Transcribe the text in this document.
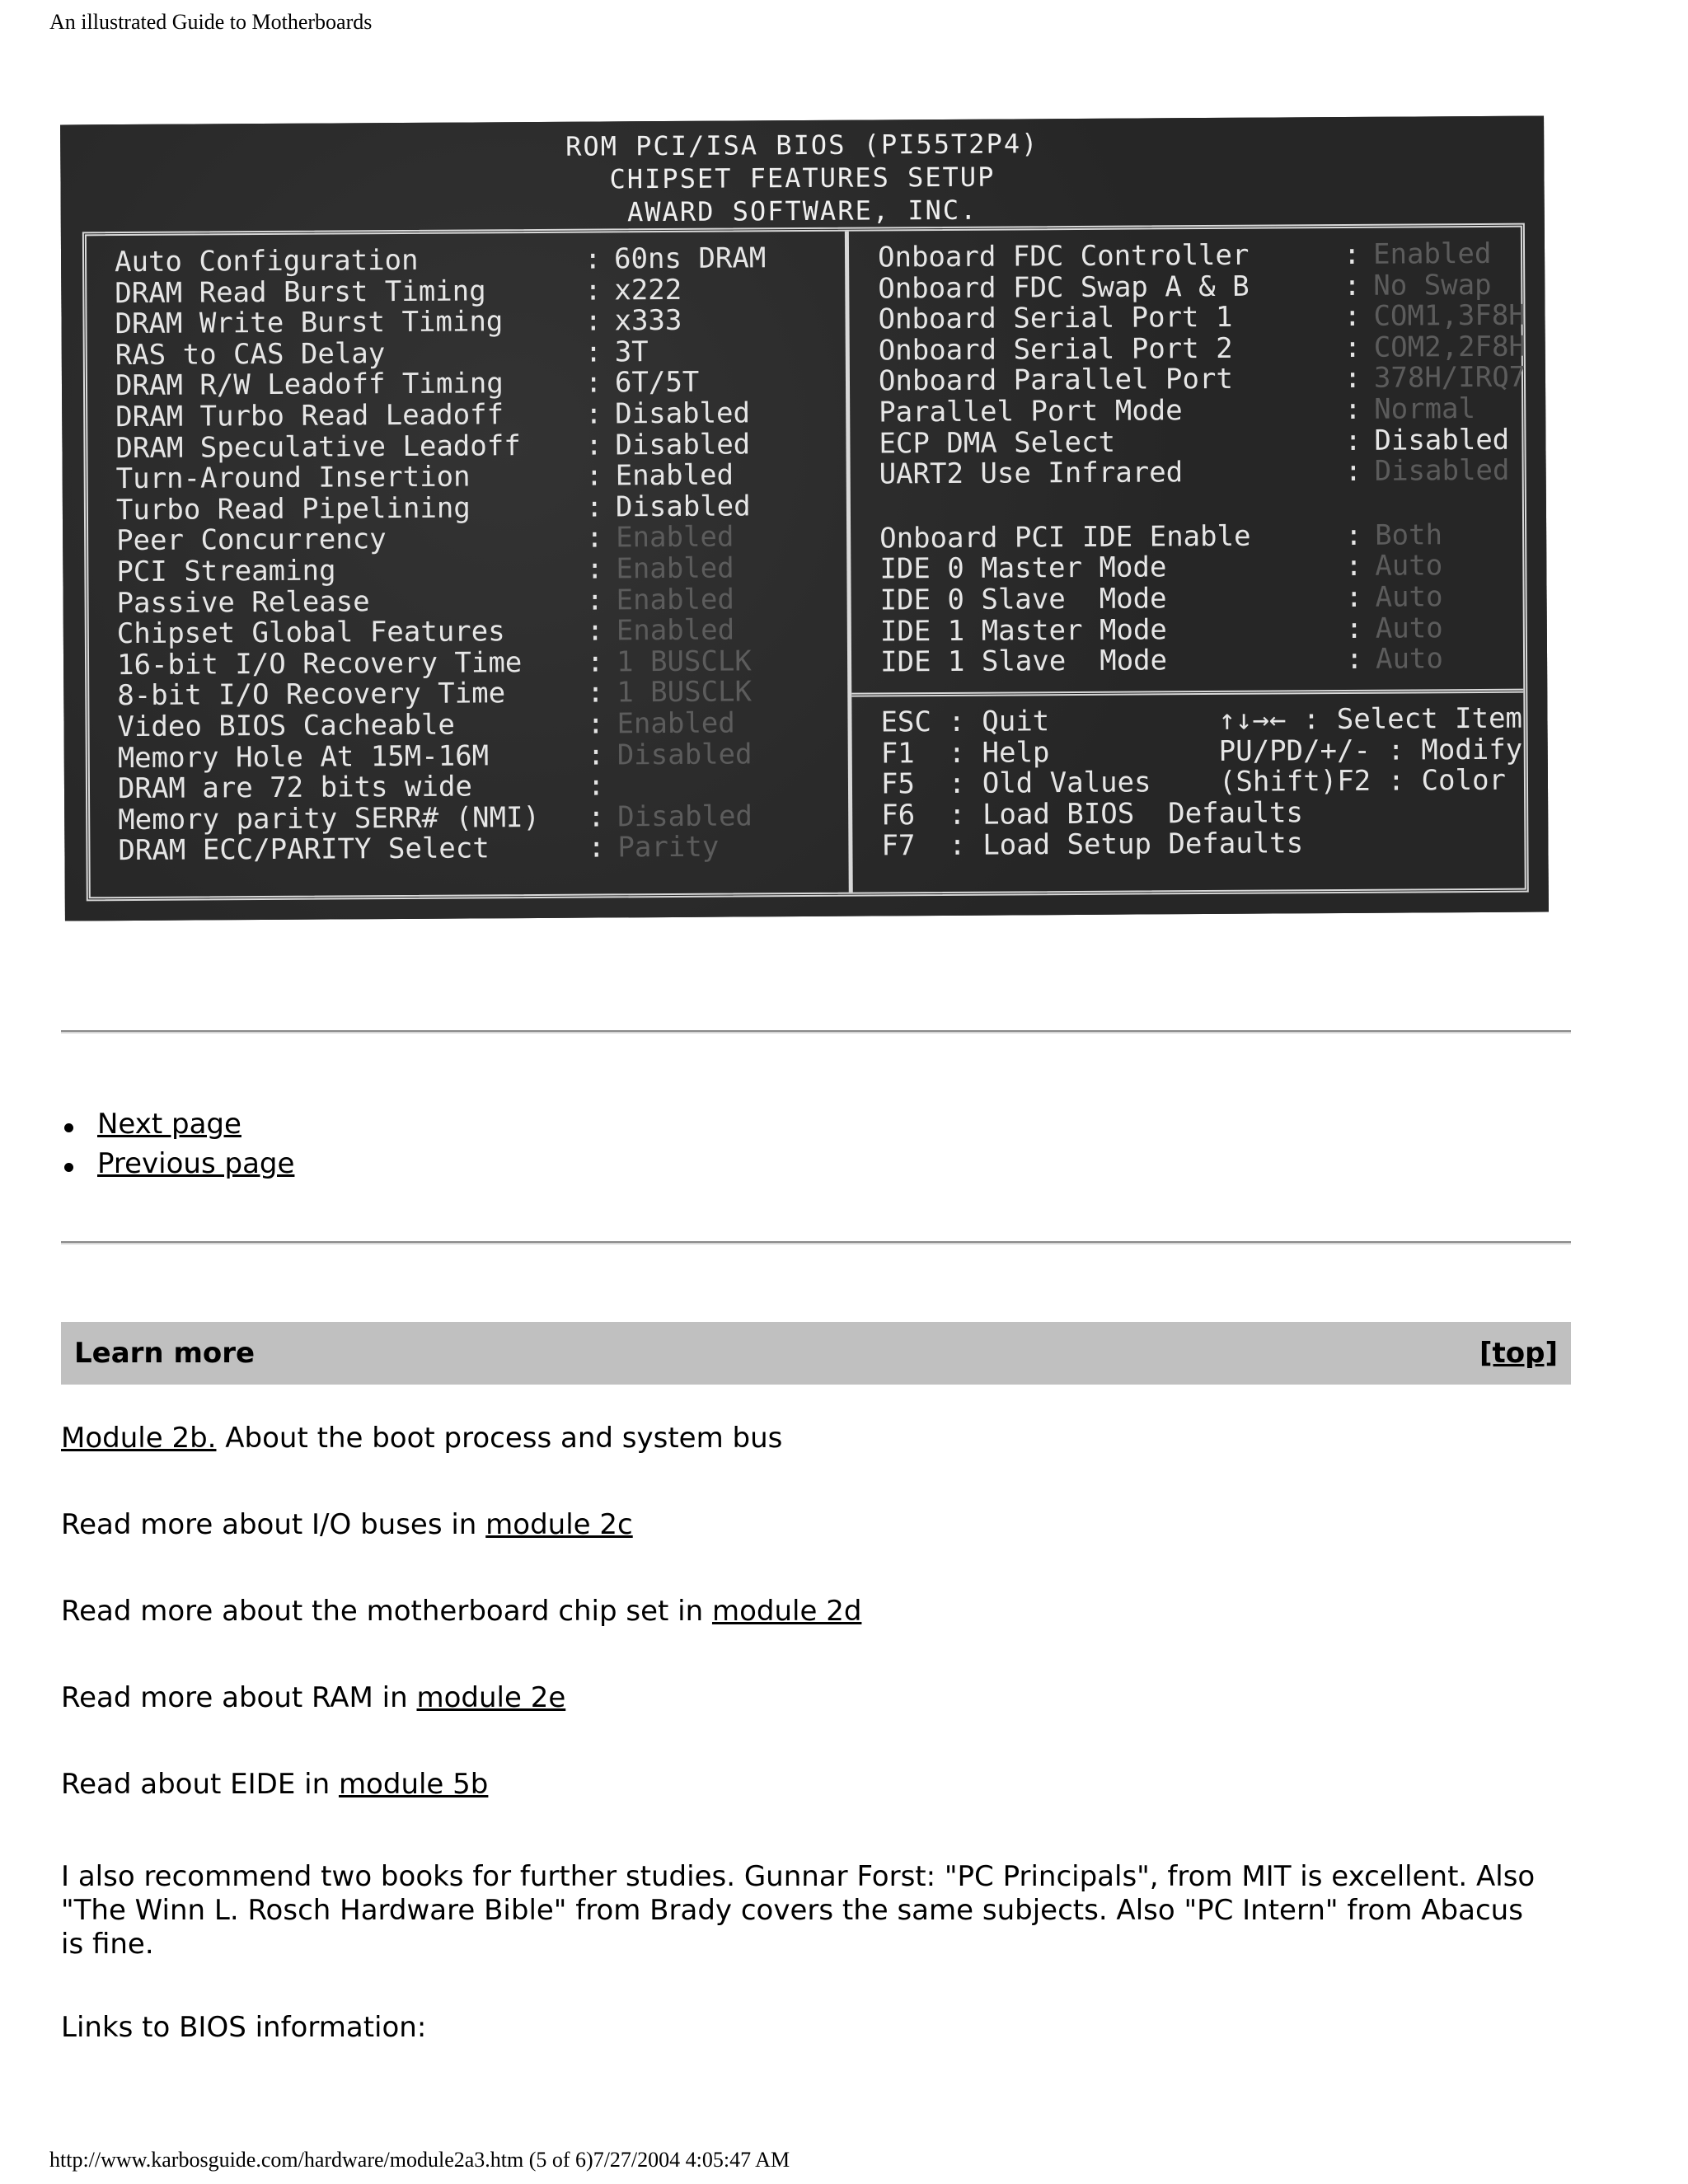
An illustrated Guide to Motherboards
ROM PCI/ISA BIOS (PI55T2P4)
CHIPSET FEATURES SETUP
AWARD SOFTWARE, INC.
Auto Configuration	: 60ns DRAM
DRAM Read Burst Timing	: x222
DRAM Write Burst Timing	: x333
RAS to CAS Delay	: 3T
DRAM R/W Leadoff Timing	: 6T/5T
DRAM Turbo Read Leadoff	: Disabled
DRAM Speculative Leadoff	: Disabled
Turn-Around Insertion	: Enabled
Turbo Read Pipelining	: Disabled
Peer Concurrency	: Enabled
PCI Streaming	: Enabled
Passive Release	: Enabled
Chipset Global Features	: Enabled
16-bit I/O Recovery Time	: 1 BUSCLK
8-bit I/O Recovery Time	: 1 BUSCLK
Video BIOS Cacheable	: Enabled
Memory Hole At 15M-16M	: Disabled
DRAM are 72 bits wide	:
Memory parity SERR# (NMI)	: Disabled
DRAM ECC/PARITY Select	: Parity
Onboard FDC Controller	: Enabled
Onboard FDC Swap A & B	: No Swap
Onboard Serial Port 1	: COM1,3F8H
Onboard Serial Port 2	: COM2,2F8H
Onboard Parallel Port	: 378H/IRQ7
Parallel Port Mode	: Normal
ECP DMA Select	: Disabled
UART2 Use Infrared	: Disabled
Onboard PCI IDE Enable	: Both
IDE 0 Master Mode	: Auto
IDE 0 Slave  Mode	: Auto
IDE 1 Master Mode	: Auto
IDE 1 Slave  Mode	: Auto
ESC : Quit	↑↓→← : Select Item
F1  : Help	PU/PD/+/- : Modify
F5  : Old Values	(Shift)F2 : Color
F6  : Load BIOS  Defaults
F7  : Load Setup Defaults
Next page
Previous page
Learn more	[top]

Module 2b. About the boot process and system bus

Read more about I/O buses in module 2c

Read more about the motherboard chip set in module 2d

Read more about RAM in module 2e

Read about EIDE in module 5b

I also recommend two books for further studies. Gunnar Forst: "PC Principals", from MIT is excellent. Also "The Winn L. Rosch Hardware Bible" from Brady covers the same subjects. Also "PC Intern" from Abacus is fine.

Links to BIOS information:

http://www.karbosguide.com/hardware/module2a3.htm (5 of 6)7/27/2004 4:05:47 AM
